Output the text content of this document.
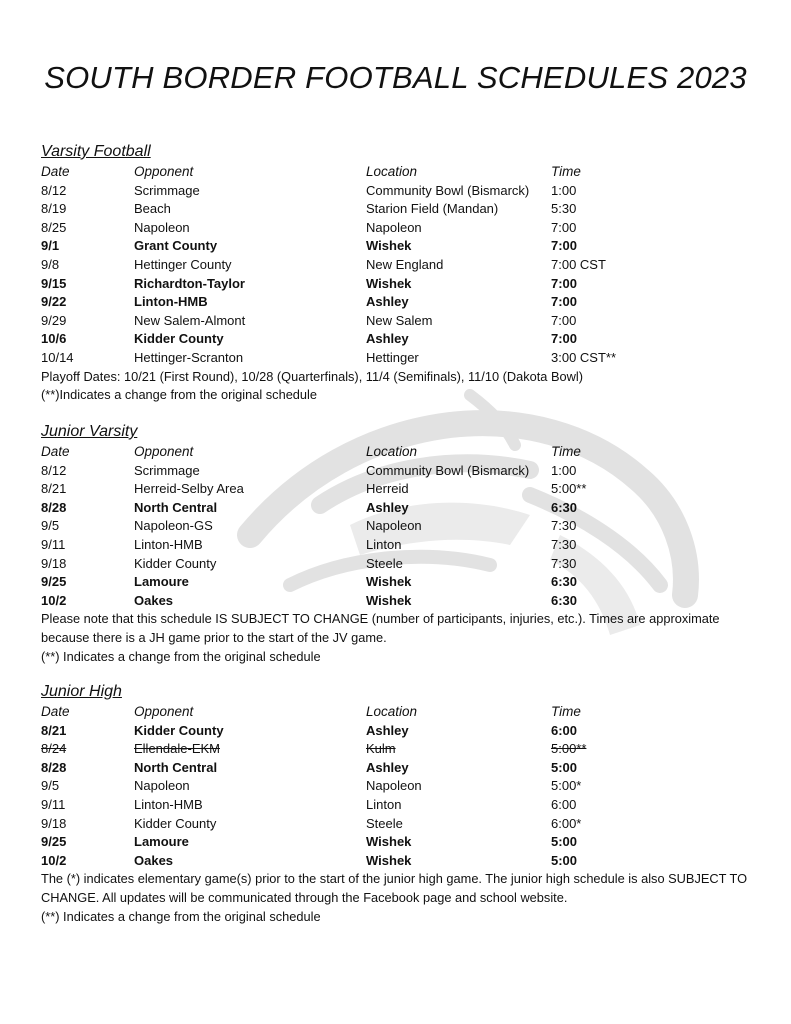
SOUTH BORDER FOOTBALL SCHEDULES 2023
Varsity Football
Date	Opponent	Location	Time
8/12	Scrimmage	Community Bowl (Bismarck) 1:00
8/19	Beach	Starion Field (Mandan)	5:30
8/25	Napoleon	Napoleon	7:00
9/1	Grant County	Wishek	7:00
9/8	Hettinger County	New England	7:00 CST
9/15	Richardton-Taylor	Wishek	7:00
9/22	Linton-HMB	Ashley	7:00
9/29	New Salem-Almont	New Salem	7:00
10/6	Kidder County	Ashley	7:00
10/14	Hettinger-Scranton	Hettinger	3:00 CST**
Playoff Dates: 10/21 (First Round), 10/28 (Quarterfinals), 11/4 (Semifinals), 11/10 (Dakota Bowl)
(**)Indicates a change from the original schedule
Junior Varsity
Date	Opponent	Location	Time
8/12	Scrimmage	Community Bowl (Bismarck) 1:00
8/21	Herreid-Selby Area	Herreid	5:00**
8/28	North Central	Ashley	6:30
9/5	Napoleon-GS	Napoleon	7:30
9/11	Linton-HMB	Linton	7:30
9/18	Kidder County	Steele	7:30
9/25	Lamoure	Wishek	6:30
10/2	Oakes	Wishek	6:30
Please note that this schedule IS SUBJECT TO CHANGE (number of participants, injuries, etc.). Times are approximate because there is a JH game prior to the start of the JV game.
(**) Indicates a change from the original schedule
Junior High
Date	Opponent	Location	Time
8/21	Kidder County	Ashley	6:00
8/24	Ellendale-EKM	Kulm	5:00**
8/28	North Central	Ashley	5:00
9/5	Napoleon	Napoleon	5:00*
9/11	Linton-HMB	Linton	6:00
9/18	Kidder County	Steele	6:00*
9/25	Lamoure	Wishek	5:00
10/2	Oakes	Wishek	5:00
The (*) indicates elementary game(s) prior to the start of the junior high game. The junior high schedule is also SUBJECT TO CHANGE. All updates will be communicated through the Facebook page and school website.
(**) Indicates a change from the original schedule
